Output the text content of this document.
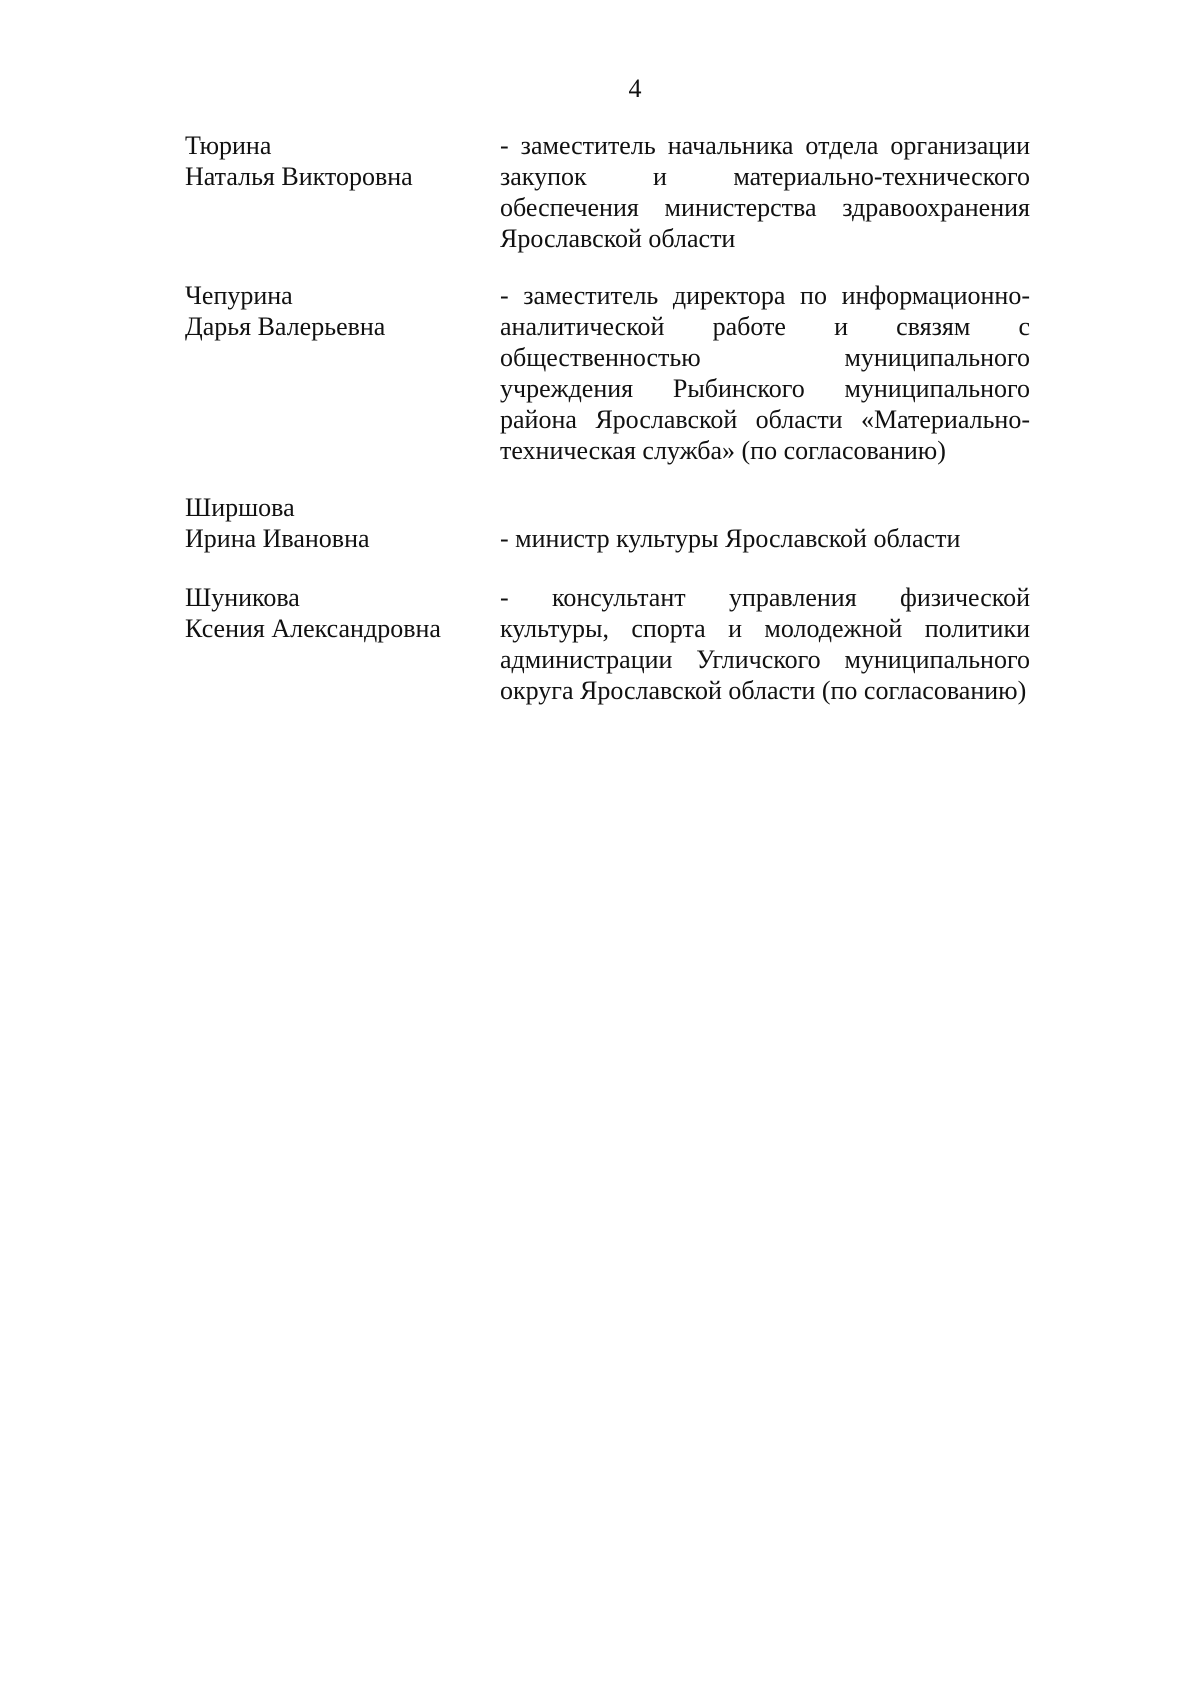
4
Тюрина
Наталья Викторовна
- заместитель начальника отдела организации закупок и материально-технического обеспечения министерства здравоохранения Ярославской области
Чепурина
Дарья Валерьевна
- заместитель директора по информационно-аналитической работе и связям с общественностью муниципального учреждения Рыбинского муниципального района Ярославской области «Материально-техническая служба» (по согласованию)
Ширшова
Ирина Ивановна	- министр культуры Ярославской области
Шуникова
Ксения Александровна
- консультант управления физической культуры, спорта и молодежной политики администрации Угличского муниципального округа Ярославской области (по согласованию)
